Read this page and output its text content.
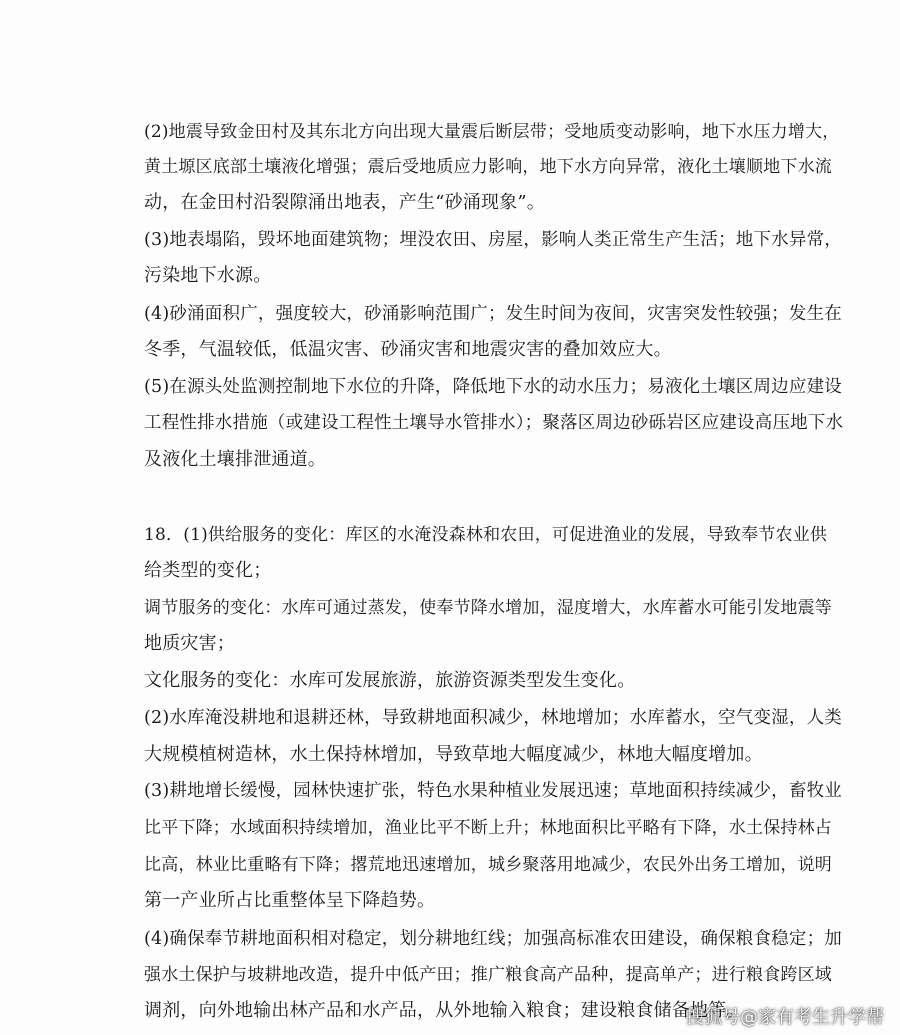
(2)地震导致金田村及其东北方向出现大量震后断层带；受地质变动影响，地下水压力增大，
黄土塬区底部土壤液化增强；震后受地质应力影响，地下水方向异常，液化土壤顺地下水流
动，在金田村沿裂隙涌出地表，产生“砂涌现象”。
(3)地表塌陷，毁坏地面建筑物；埋没农田、房屋，影响人类正常生产生活；地下水异常，
污染地下水源。
(4)砂涌面积广，强度较大，砂涌影响范围广；发生时间为夜间，灾害突发性较强；发生在
冬季，气温较低，低温灾害、砂涌灾害和地震灾害的叠加效应大。
(5)在源头处监测控制地下水位的升降，降低地下水的动水压力；易液化土壤区周边应建设
工程性排水措施（或建设工程性土壤导水管排水）；聚落区周边砂砾岩区应建设高压地下水
及液化土壤排泄通道。
18．(1)供给服务的变化：库区的水淹没森林和农田，可促进渔业的发展，导致奉节农业供
给类型的变化；
调节服务的变化：水库可通过蒸发，使奉节降水增加，湿度增大，水库蓄水可能引发地震等
地质灾害；
文化服务的变化：水库可发展旅游，旅游资源类型发生变化。
(2)水库淹没耕地和退耕还林，导致耕地面积减少，林地增加；水库蓄水，空气变湿，人类
大规模植树造林，水土保持林增加，导致草地大幅度减少，林地大幅度增加。
(3)耕地增长缓慢，园林快速扩张，特色水果种植业发展迅速；草地面积持续减少，畜牧业
比平下降；水域面积持续增加，渔业比平不断上升；林地面积比平略有下降，水土保持林占
比高，林业比重略有下降；撂荒地迅速增加，城乡聚落用地减少，农民外出务工增加，说明
第一产业所占比重整体呈下降趋势。
(4)确保奉节耕地面积相对稳定，划分耕地红线；加强高标准农田建设，确保粮食稳定；加
强水土保护与坡耕地改造，提升中低产田；推广粮食高产品种，提高单产；进行粮食跨区域
调剂，向外地输出林产品和水产品，从外地输入粮食；建设粮食储备地等。
搜狐号@家有考生升学帮
